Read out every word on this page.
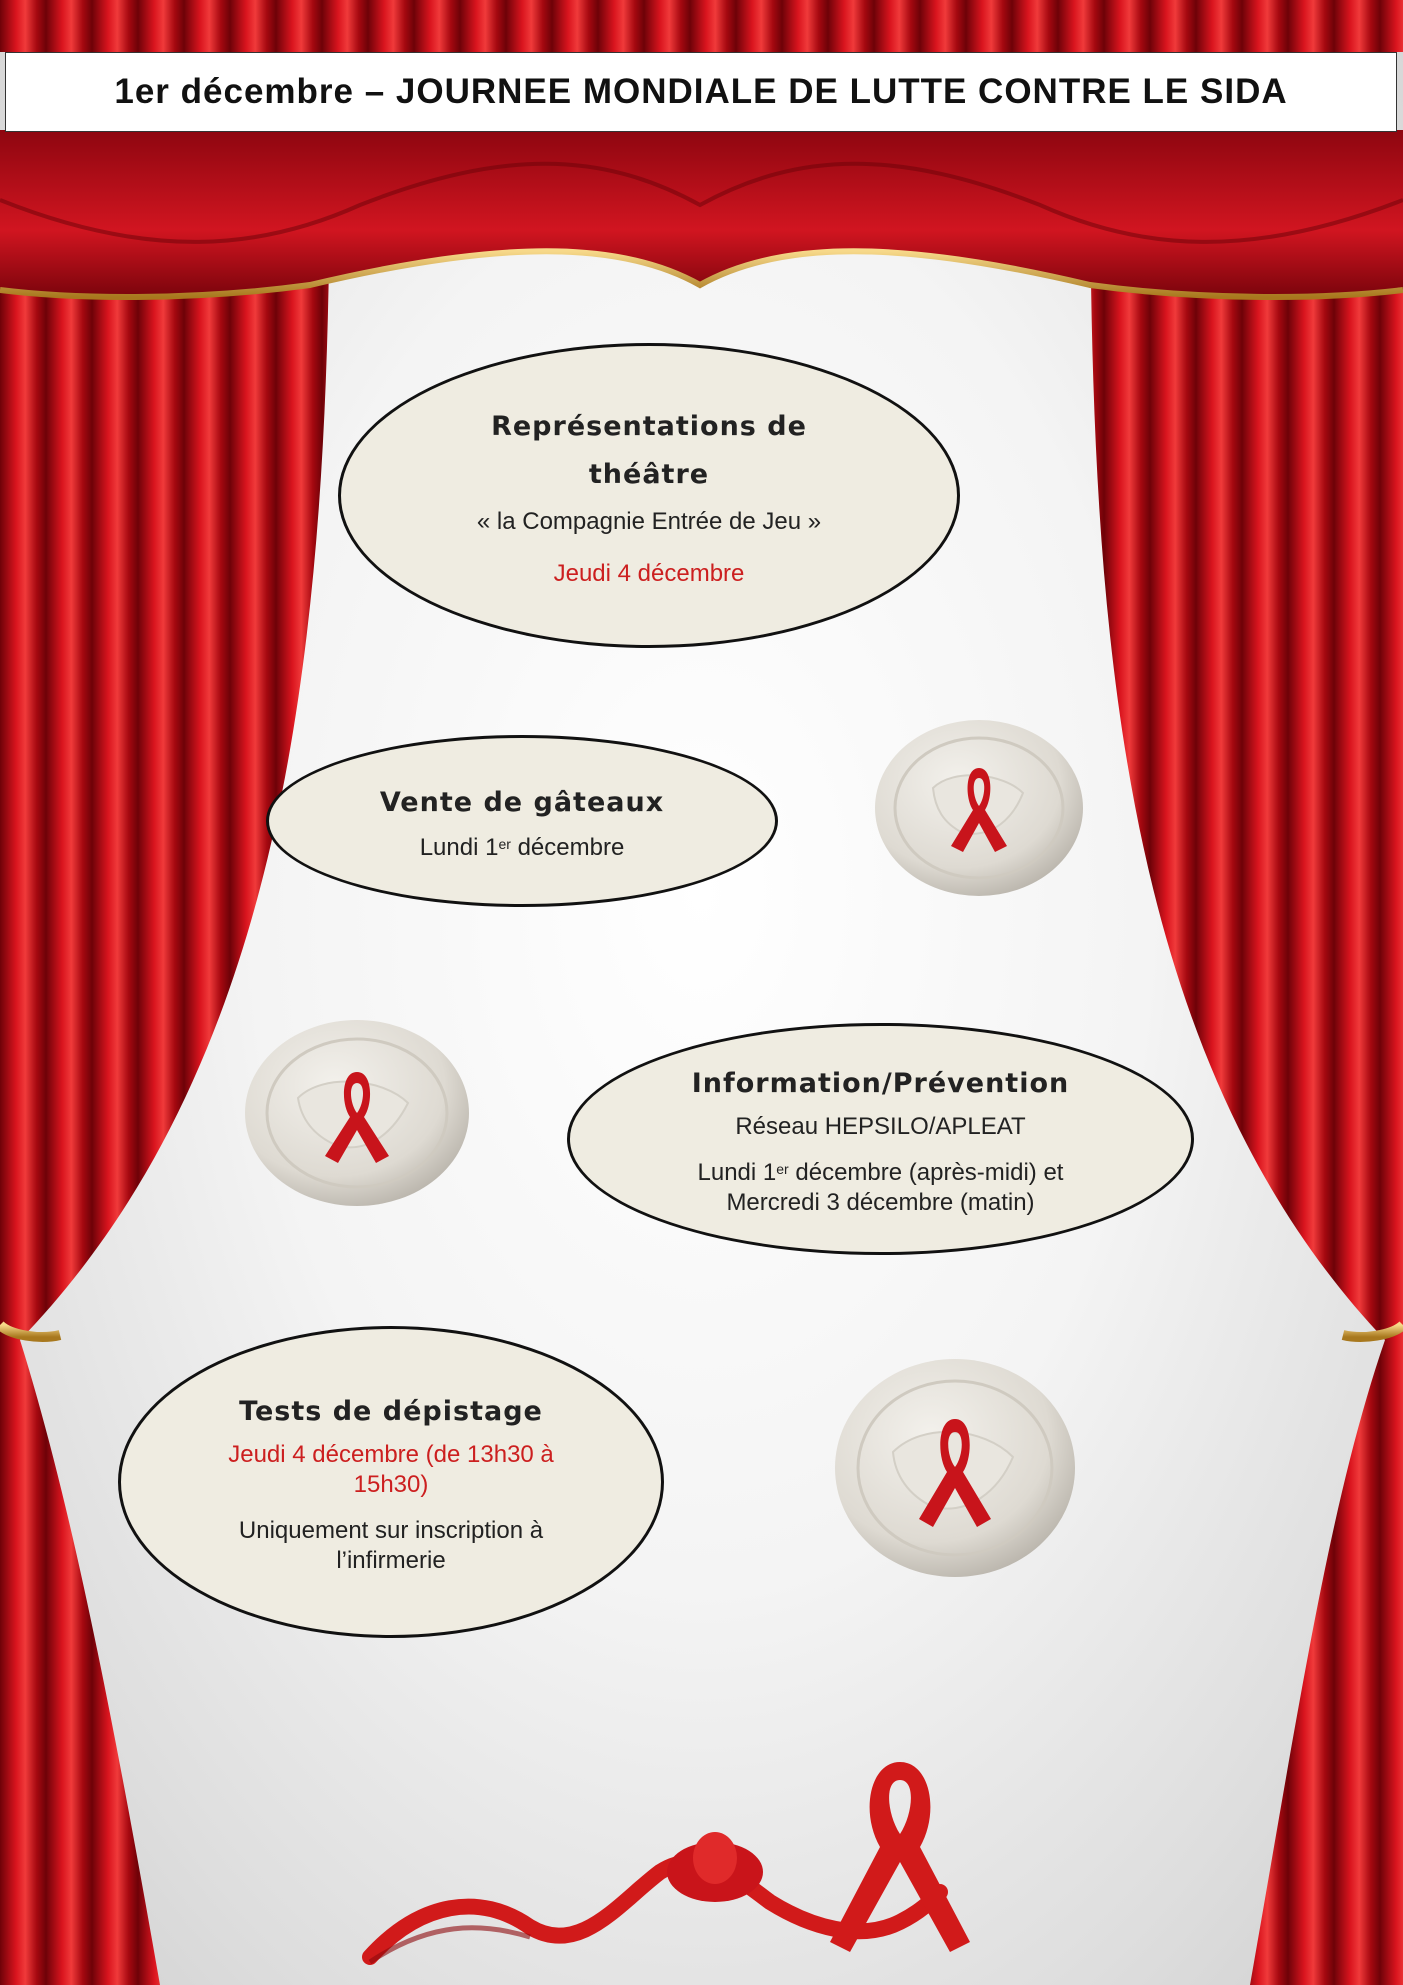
1er décembre – JOURNEE MONDIALE DE LUTTE CONTRE LE SIDA
Représentations de théâtre
« la Compagnie Entrée de Jeu »
Jeudi 4 décembre
Vente de gâteaux
Lundi 1er décembre
Information/Prévention
Réseau HEPSILO/APLEAT
Lundi 1er décembre (après-midi) et
Mercredi 3 décembre (matin)
Tests de dépistage
Jeudi 4 décembre (de 13h30 à 15h30)
Uniquement sur inscription à l’infirmerie
